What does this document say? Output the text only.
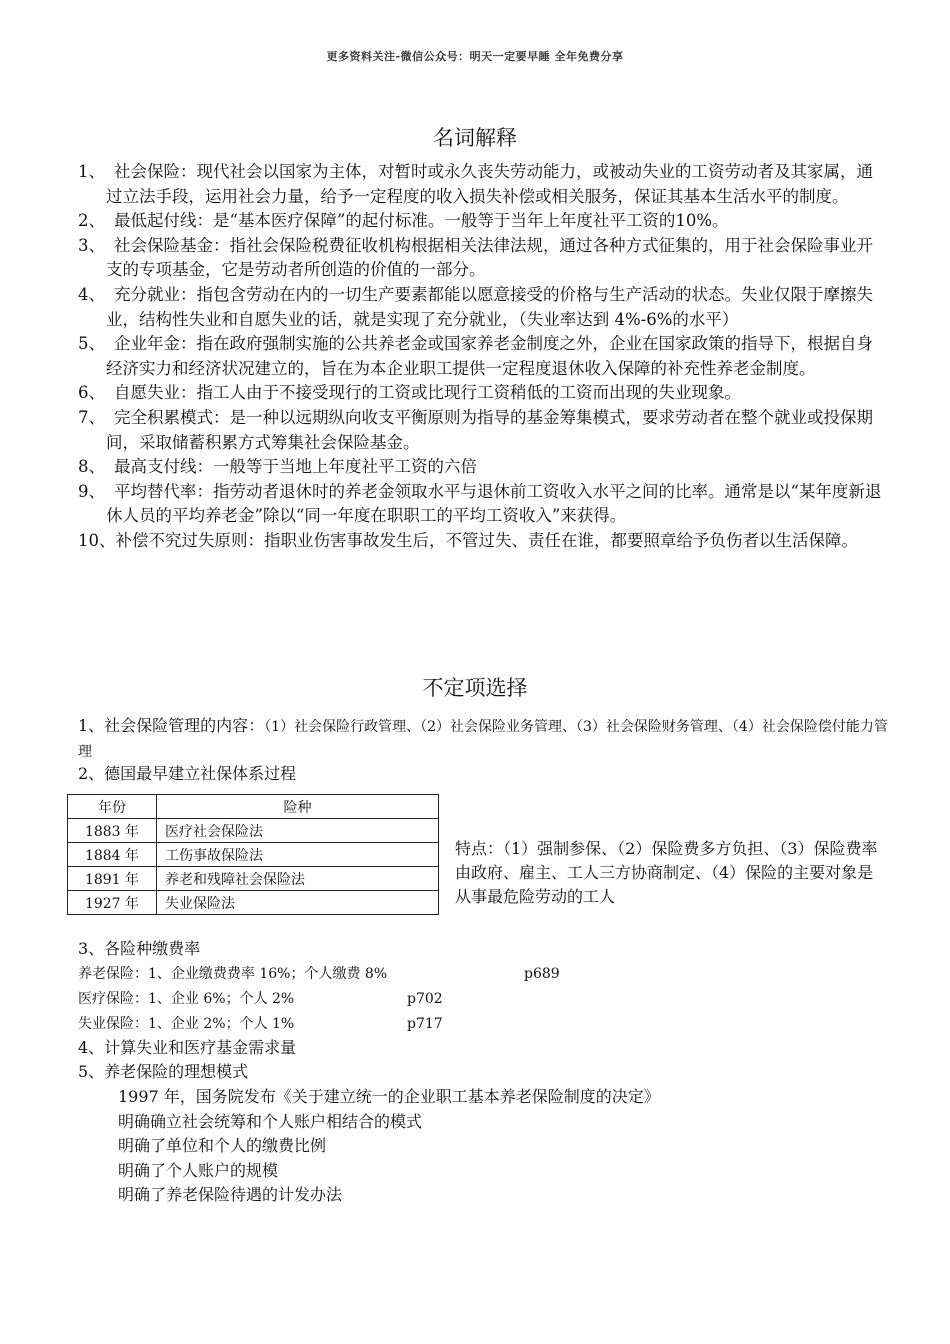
更多资料关注-微信公众号：明天一定要早睡 全年免费分享
名词解释
1、 社会保险：现代社会以国家为主体，对暂时或永久丧失劳动能力，或被动失业的工资劳动者及其家属，通过立法手段，运用社会力量，给予一定程度的收入损失补偿或相关服务，保证其基本生活水平的制度。
2、 最低起付线：是“基本医疗保障”的起付标准。一般等于当年上年度社平工资的10%。
3、 社会保险基金：指社会保险税费征收机构根据相关法律法规，通过各种方式征集的，用于社会保险事业开支的专项基金，它是劳动者所创造的价值的一部分。
4、 充分就业：指包含劳动在内的一切生产要素都能以愿意接受的价格与生产活动的状态。失业仅限于摩擦失业，结构性失业和自愿失业的话，就是实现了充分就业，（失业率达到 4%-6%的水平）
5、 企业年金：指在政府强制实施的公共养老金或国家养老金制度之外，企业在国家政策的指导下，根据自身经济实力和经济状况建立的，旨在为本企业职工提供一定程度退休收入保障的补充性养老金制度。
6、 自愿失业：指工人由于不接受现行的工资或比现行工资稍低的工资而出现的失业现象。
7、 完全积累模式：是一种以远期纵向收支平衡原则为指导的基金筹集模式，要求劳动者在整个就业或投保期间，采取储蓄积累方式筹集社会保险基金。
8、 最高支付线：一般等于当地上年度社平工资的六倍
9、 平均替代率：指劳动者退休时的养老金领取水平与退休前工资收入水平之间的比率。通常是以“某年度新退休人员的平均养老金”除以“同一年度在职职工的平均工资收入”来获得。
10、补偿不究过失原则：指职业伤害事故发生后，不管过失、责任在谁，都要照章给予负伤者以生活保障。
不定项选择
1、社会保险管理的内容：（1）社会保险行政管理、（2）社会保险业务管理、（3）社会保险财务管理、（4）社会保险偿付能力管理
2、德国最早建立社保体系过程
年份	险种
1883 年	医疗社会保险法
1884 年	工伤事故保险法
1891 年	养老和残障社会保险法
1927 年	失业保险法
特点：（1）强制参保、（2）保险费多方负担、（3）保险费率由政府、雇主、工人三方协商制定、（4）保险的主要对象是从事最危险劳动的工人
3、各险种缴费率
养老保险：1、企业缴费费率 16%；个人缴费 8%	p689
医疗保险：1、企业 6%；个人 2%	p702
失业保险：1、企业 2%；个人 1%	p717
4、计算失业和医疗基金需求量
5、养老保险的理想模式
1997 年，国务院发布《关于建立统一的企业职工基本养老保险制度的决定》
明确确立社会统筹和个人账户相结合的模式
明确了单位和个人的缴费比例
明确了个人账户的规模
明确了养老保险待遇的计发办法
